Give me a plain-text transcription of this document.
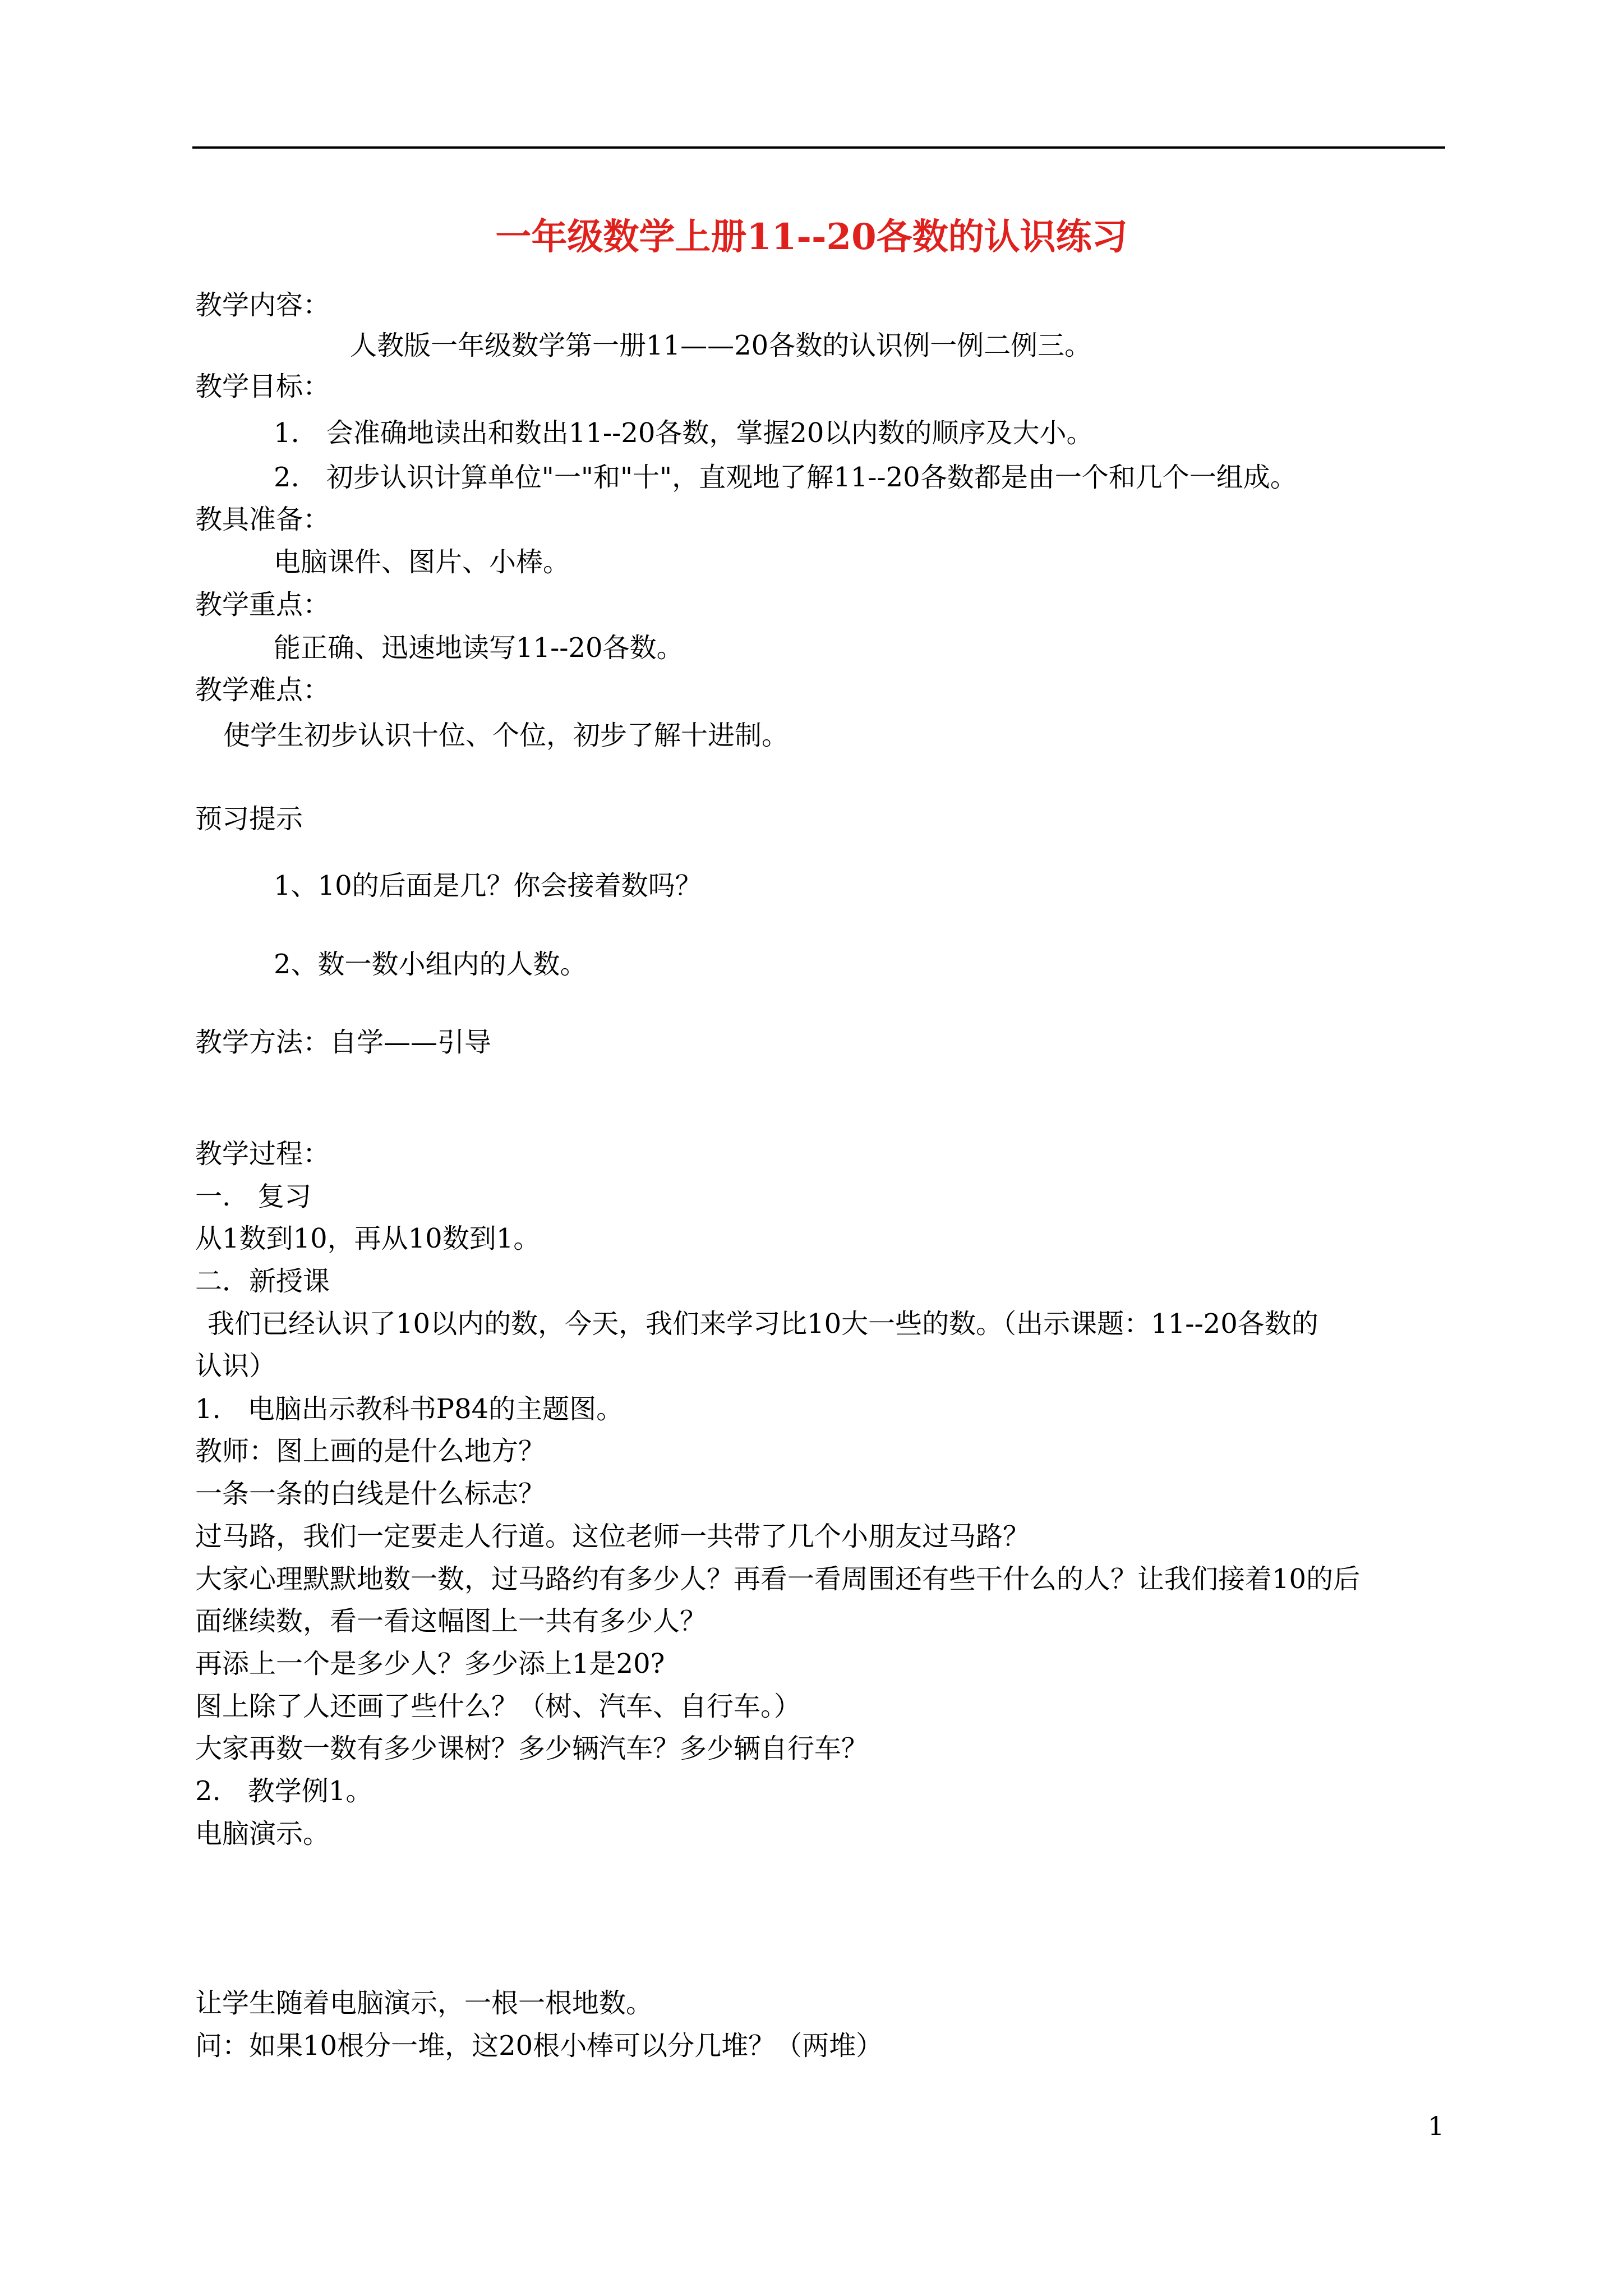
一年级数学上册11--20各数的认识练习
教学内容：
人教版一年级数学第一册11——20各数的认识例一例二例三。
教学目标：
1.　会准确地读出和数出11--20各数，掌握20以内数的顺序及大小。
2.　初步认识计算单位"一"和"十"，直观地了解11--20各数都是由一个和几个一组成。
教具准备：
电脑课件、图片、小棒。
教学重点：
能正确、迅速地读写11--20各数。
教学难点：
使学生初步认识十位、个位，初步了解十进制。
预习提示
1、10的后面是几？你会接着数吗？
2、数一数小组内的人数。
教学方法：自学——引导
教学过程：
一.　复习
从1数到10，再从10数到1。
二．新授课
我们已经认识了10以内的数，今天，我们来学习比10大一些的数。（出示课题：11--20各数的
认识）
1.　电脑出示教科书P84的主题图。
教师：图上画的是什么地方？
一条一条的白线是什么标志？
过马路，我们一定要走人行道。这位老师一共带了几个小朋友过马路？
大家心理默默地数一数，过马路约有多少人？再看一看周围还有些干什么的人？让我们接着10的后
面继续数，看一看这幅图上一共有多少人？
再添上一个是多少人？多少添上1是20?
图上除了人还画了些什么？（树、汽车、自行车。）
大家再数一数有多少课树？多少辆汽车？多少辆自行车？
2.　教学例1。
电脑演示。
让学生随着电脑演示，一根一根地数。
问：如果10根分一堆，这20根小棒可以分几堆？（两堆）
1
